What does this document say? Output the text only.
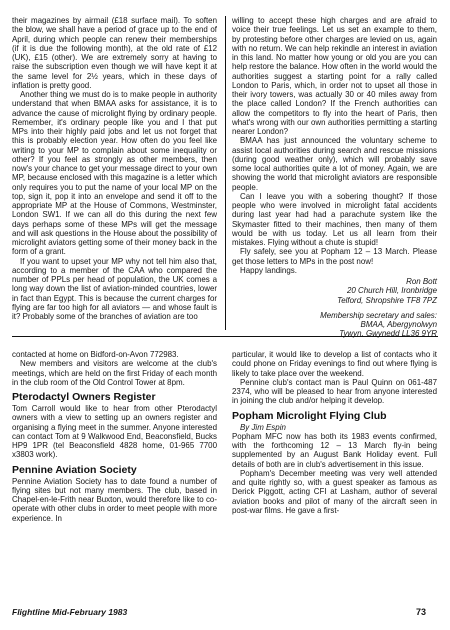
their magazines by airmail (£18 surface mail). To soften the blow, we shall have a period of grace up to the end of April, during which people can renew their memberships (if it is due the following month), at the old rate of £12 (UK), £15 (other). We are extremely sorry at having to raise the subscription even though we will have kept it at the same level for 2½ years, which in these days of inflation is pretty good.

Another thing we must do is to make people in authority understand that when BMAA asks for assistance, it is to advance the cause of microlight flying by ordinary people. Remember, it's ordinary people like you and I that put MPs into their highly paid jobs and let us not forget that this is probably election year. How often do you feel like writing to your MP to complain about some inequality or other? If you feel as strongly as other members, then now's your chance to get your message direct to your own MP, because enclosed with this magazine is a letter which only requires you to put the name of your local MP on the top, sign it, pop it into an envelope and send it off to the appropriate MP at the House of Commons, Westminster, London SW1. If we can all do this during the next few days perhaps some of these MPs will get the message and will ask questions in the House about the possibility of microlight aviators getting some of their money back in the form of a grant.

If you want to upset your MP why not tell him also that, according to a member of the CAA who compared the number of PPLs per head of population, the UK comes a long way down the list of aviation-minded countries, lower in fact than Egypt. This is because the current charges for flying are far too high for all aviators — and whose fault is it? Probably some of the branches of aviation are too

willing to accept these high charges and are afraid to voice their true feelings. Let us set an example to them, by protesting before other charges are levied on us, again with no return. We can help rekindle an interest in aviation in this land. No matter how young or old you are you can help restore the balance. How often in the world would the authorities suggest a starting point for a rally called London to Paris, which, in order not to upset all those in their ivory towers, was actually 30 or 40 miles away from the place called London? If the French authorities can allow the competitors to fly into the heart of Paris, then what's wrong with our own authorities permitting a starting nearer London?

BMAA has just announced the voluntary scheme to assist local authorities during search and rescue missions (during good weather only), which will probably save some local authorities quite a lot of money. Again, we are showing the world that microlight aviators are responsible people.

Can I leave you with a sobering thought? If those people who were involved in microlight fatal accidents during last year had had a parachute system like the Skymaster fitted to their machines, then many of them would be with us today. Let us all learn from their mistakes. Flying without a chute is stupid!

Fly safely, see you at Popham 12 – 13 March. Please get those letters to MPs in the post now!

Happy landings.

Ron Bott

20 Church Hill, Ironbridge

Telford, Shropshire TF8 7PZ

Membership secretary and sales:

BMAA, Abergynolwyn

Tywyn, Gwynedd LL36 9YR

contacted at home on Bidford-on-Avon 772983.

New members and visitors are welcome at the club's meetings, which are held on the first Friday of each month in the club room of the Old Control Tower at 8pm.

Pterodactyl Owners Register

Tom Carroll would like to hear from other Pterodactyl owners with a view to setting up an owners register and organising a flying meet in the summer. Anyone interested can contact Tom at 9 Walkwood End, Beaconsfield, Bucks HP9 1PR (tel Beaconsfield 4828 home, 01-965 7700 x3803 work).

Pennine Aviation Society

Pennine Aviation Society has to date found a number of flying sites but not many members. The club, based in Chapel-en-le-Frith near Buxton, would therefore like to co-operate with other clubs in order to meet people with more experience. In

particular, it would like to develop a list of contacts who it could phone on Friday evenings to find out where flying is likely to take place over the weekend.

Pennine club's contact man is Paul Quinn on 061-487 2374, who will be pleased to hear from anyone interested in joining the club and/or helping it develop.

Popham Microlight Flying Club

By Jim Espin

Popham MFC now has both its 1983 events confirmed, with the forthcoming 12 – 13 March fly-in being supplemented by an August Bank Holiday event. Full details of both are in club's advertisement in this issue.

Popham's December meeting was very well attended and quite rightly so, with a guest speaker as famous as Derick Piggott, acting CFI at Lasham, author of several aviation books and pilot of many of the aircraft seen in post-war films. He gave a first-

Flightline Mid-February 1983	73
